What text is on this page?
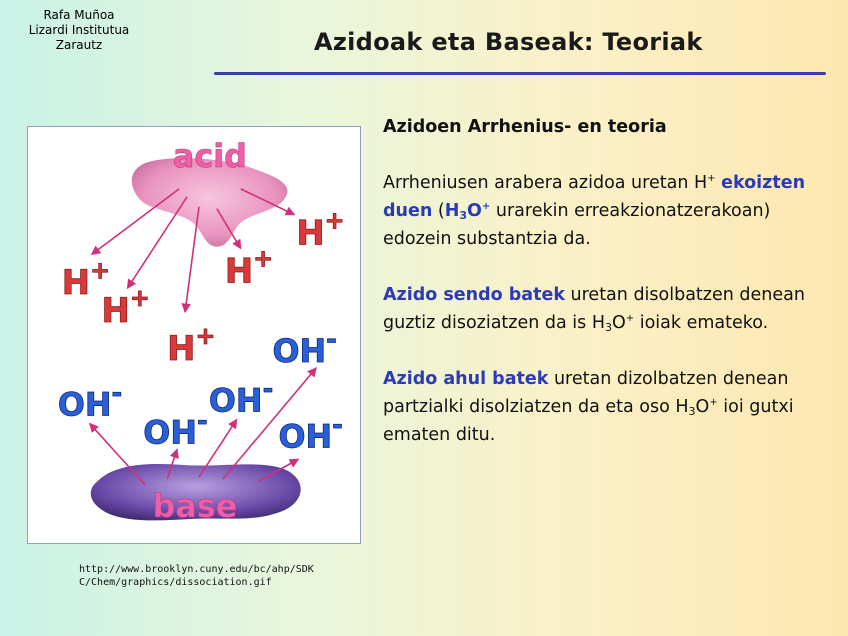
Rafa Muñoa
Lizardi Institutua
Zarautz	Azidoak eta Baseak: Teoriak
acid
H+
H+
H+
H+
H+ OH-
OH-	OH-
OH- OH-
base
http://www.brooklyn.cuny.edu/bc/ahp/SDKC/Chem/graphics/dissociation.gif

Azidoen Arrhenius- en teoria

Arrheniusen arabera azidoa uretan H+ ekoizten duen ($H_3O^+$ urarekin erreakzionatzerakoan) edozein substantzia da.

Azido sendo batek uretan disolbatzen denean guztiz disoziatzen da is $H_3O^+$ ioiak emateko.

Azido ahul batek uretan dizolbatzen denean partzialki disolziatzen da eta oso $H_3O^+$ ioi gutxi ematen ditu.
